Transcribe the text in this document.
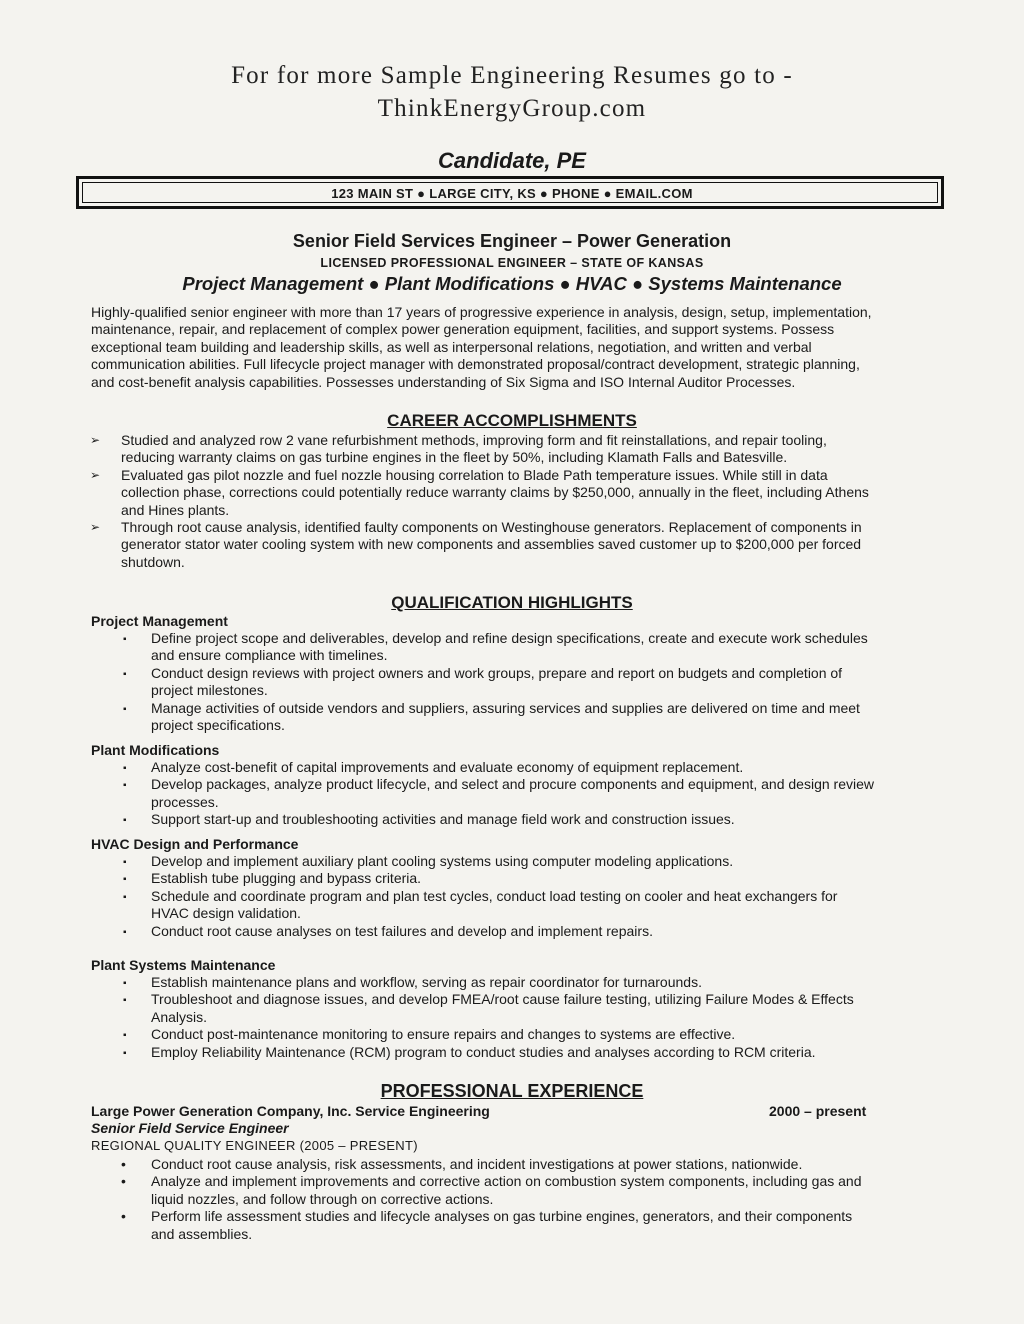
For for more Sample Engineering Resumes go to -
ThinkEnergyGroup.com
Candidate, PE
123 MAIN ST ● LARGE CITY, KS ● PHONE ● EMAIL.COM
Senior Field Services Engineer – Power Generation
LICENSED PROFESSIONAL ENGINEER – STATE OF KANSAS
Project Management ● Plant Modifications ● HVAC ● Systems Maintenance
Highly-qualified senior engineer with more than 17 years of progressive experience in analysis, design, setup, implementation,
maintenance, repair, and replacement of complex power generation equipment, facilities, and support systems. Possess
exceptional team building and leadership skills, as well as interpersonal relations, negotiation, and written and verbal
communication abilities. Full lifecycle project manager with demonstrated proposal/contract development, strategic planning,
and cost-benefit analysis capabilities. Possesses understanding of Six Sigma and ISO Internal Auditor Processes.
CAREER ACCOMPLISHMENTS
➢ Studied and analyzed row 2 vane refurbishment methods, improving form and fit reinstallations, and repair tooling,
reducing warranty claims on gas turbine engines in the fleet by 50%, including Klamath Falls and Batesville.
➢ Evaluated gas pilot nozzle and fuel nozzle housing correlation to Blade Path temperature issues. While still in data
collection phase, corrections could potentially reduce warranty claims by $250,000, annually in the fleet, including Athens
and Hines plants.
➢ Through root cause analysis, identified faulty components on Westinghouse generators. Replacement of components in
generator stator water cooling system with new components and assemblies saved customer up to $200,000 per forced
shutdown.
QUALIFICATION HIGHLIGHTS
Project Management
▪ Define project scope and deliverables, develop and refine design specifications, create and execute work schedules
and ensure compliance with timelines.
▪ Conduct design reviews with project owners and work groups, prepare and report on budgets and completion of
project milestones.
▪ Manage activities of outside vendors and suppliers, assuring services and supplies are delivered on time and meet
project specifications.
Plant Modifications
▪ Analyze cost-benefit of capital improvements and evaluate economy of equipment replacement.
▪ Develop packages, analyze product lifecycle, and select and procure components and equipment, and design review
processes.
▪ Support start-up and troubleshooting activities and manage field work and construction issues.
HVAC Design and Performance
▪ Develop and implement auxiliary plant cooling systems using computer modeling applications.
▪ Establish tube plugging and bypass criteria.
▪ Schedule and coordinate program and plan test cycles, conduct load testing on cooler and heat exchangers for
HVAC design validation.
▪ Conduct root cause analyses on test failures and develop and implement repairs.
Plant Systems Maintenance
▪ Establish maintenance plans and workflow, serving as repair coordinator for turnarounds.
▪ Troubleshoot and diagnose issues, and develop FMEA/root cause failure testing, utilizing Failure Modes & Effects
Analysis.
▪ Conduct post-maintenance monitoring to ensure repairs and changes to systems are effective.
▪ Employ Reliability Maintenance (RCM) program to conduct studies and analyses according to RCM criteria.
PROFESSIONAL EXPERIENCE
Large Power Generation Company, Inc. Service Engineering	2000 – present
Senior Field Service Engineer
REGIONAL QUALITY ENGINEER (2005 – PRESENT)
• Conduct root cause analysis, risk assessments, and incident investigations at power stations, nationwide.
• Analyze and implement improvements and corrective action on combustion system components, including gas and
liquid nozzles, and follow through on corrective actions.
• Perform life assessment studies and lifecycle analyses on gas turbine engines, generators, and their components
and assemblies.
